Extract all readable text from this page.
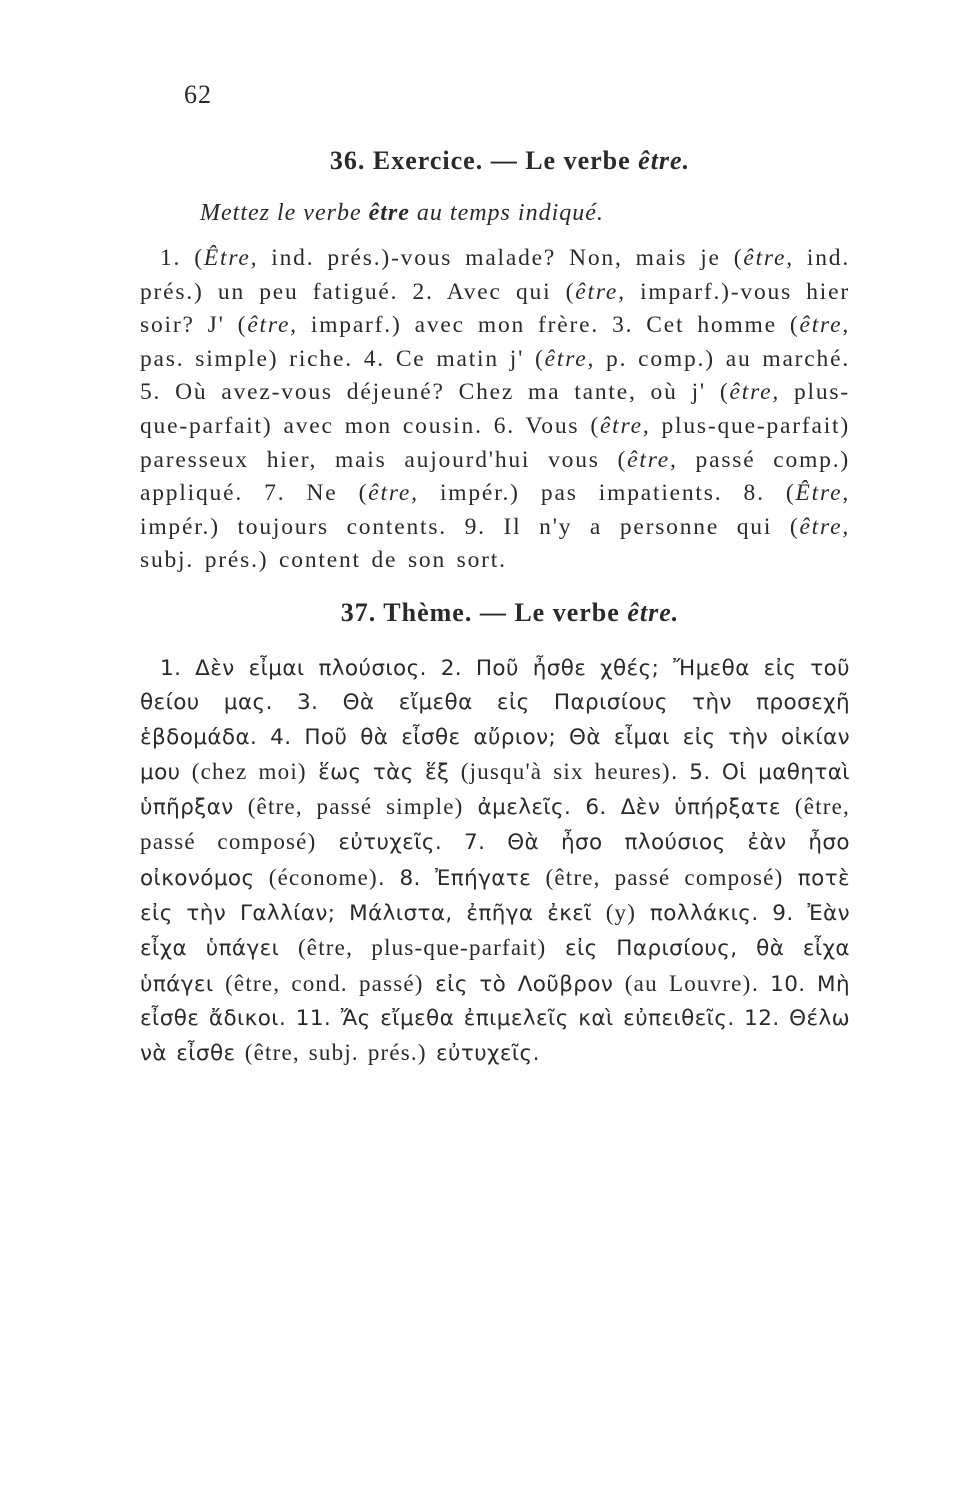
62
36. Exercice. — Le verbe être.
Mettez le verbe être au temps indiqué.
1. (Être, ind. prés.)-vous malade? Non, mais je (être, ind. prés.) un peu fatigué. 2. Avec qui (être, imparf.)-vous hier soir? J' (être, imparf.) avec mon frère. 3. Cet homme (être, pas. simple) riche. 4. Ce matin j' (être, p. comp.) au marché. 5. Où avez-vous déjeuné? Chez ma tante, où j' (être, plus-que-parfait) avec mon cousin. 6. Vous (être, plus-que-parfait) paresseux hier, mais aujourd'hui vous (être, passé comp.) appliqué. 7. Ne (être, impér.) pas impatients. 8. (Être, impér.) toujours contents. 9. Il n'y a personne qui (être, subj. prés.) content de son sort.
37. Thème. — Le verbe être.
1. Δὲν εἶμαι πλούσιος. 2. Ποῦ ἦσθε χθές; Ἤμεθα εἰς τοῦ θείου μας. 3. Θὰ εἴμεθα εἰς Παρισίους τὴν προσεχῆ ἑβδομάδα. 4. Ποῦ θὰ εἶσθε αὔριον; Θὰ εἶμαι εἰς τὴν οἰκίαν μου (chez moi) ἕως τὰς ἕξ (jusqu'à six heures). 5. Οἱ μαθηταὶ ὑπῆρξαν (être, passé simple) ἀμελεῖς. 6. Δὲν ὑπήρξατε (être, passé composé) εὐτυχεῖς. 7. Θὰ ἦσο πλούσιος ἐὰν ἦσο οἰκονόμος (économe). 8. Ἐπήγατε (être, passé composé) ποτὲ εἰς τὴν Γαλλίαν; Μάλιστα, ἐπῆγα ἐκεῖ (y) πολλάκις. 9. Ἐὰν εἶχα ὑπάγει (être, plus-que-parfait) εἰς Παρισίους, θὰ εἶχα ὑπάγει (être, cond. passé) εἰς τὸ Λοῦβρον (au Louvre). 10. Μὴ εἶσθε ἄδικοι. 11. Ἄς εἴμεθα ἐπιμελεῖς καὶ εὐπειθεῖς. 12. Θέλω νὰ εἶσθε (être, subj. prés.) εὐτυχεῖς.
